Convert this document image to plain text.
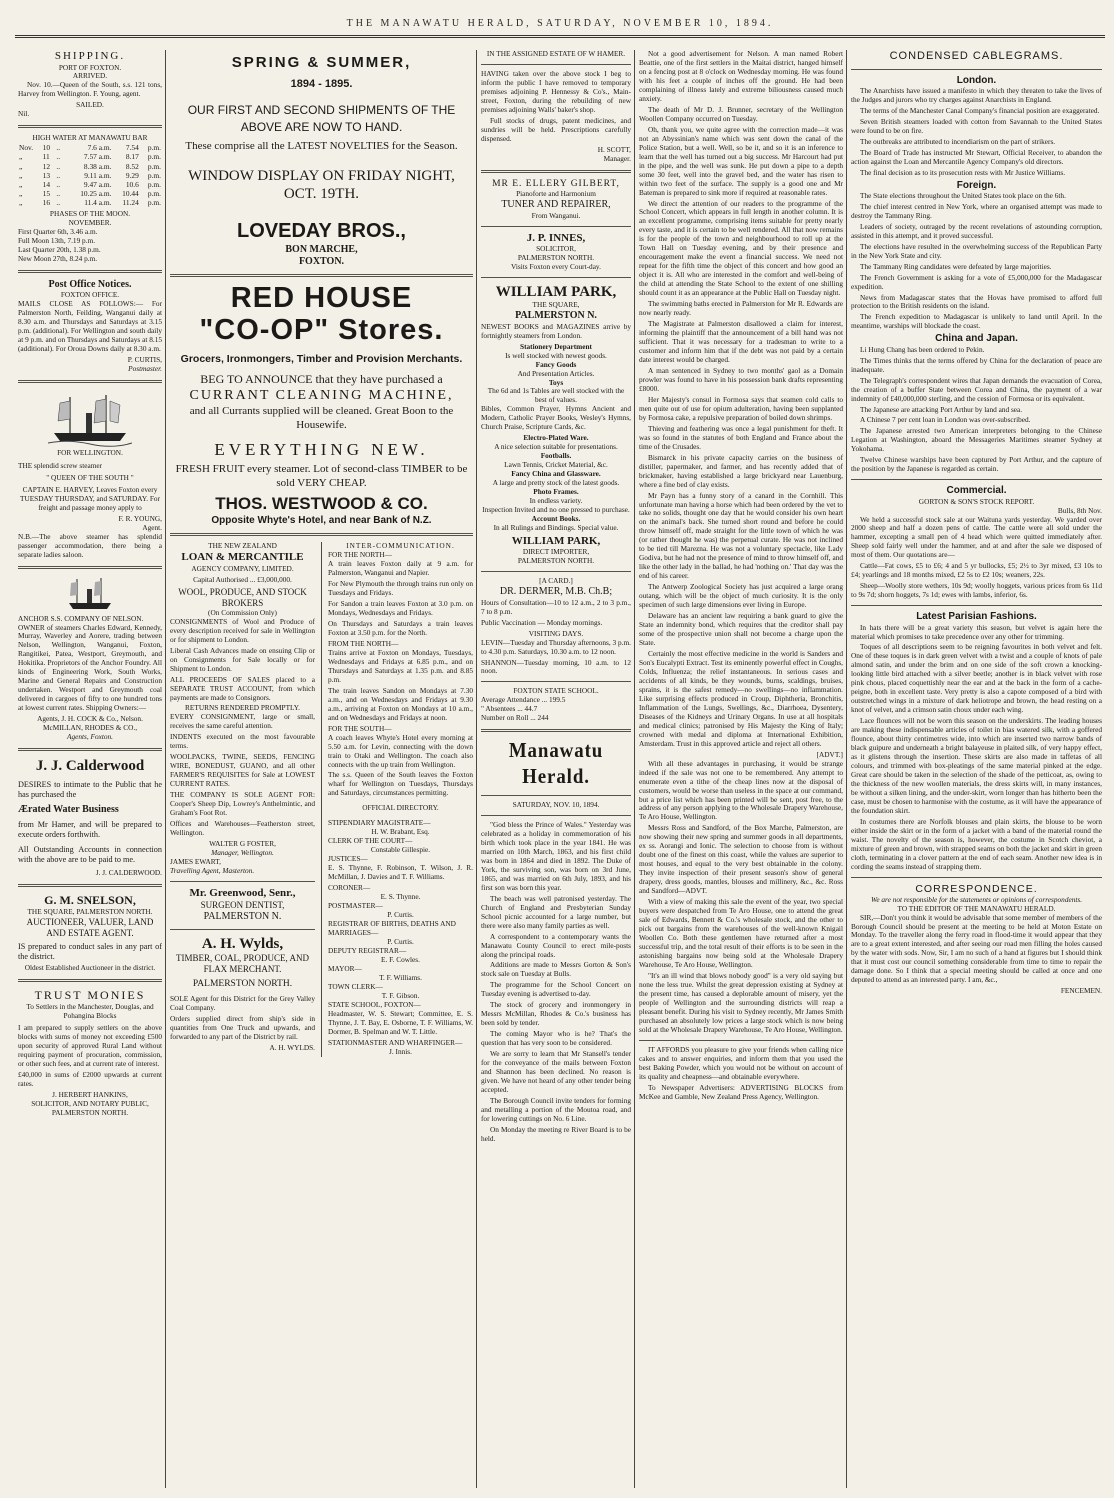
THE MANAWATU HERALD, SATURDAY, NOVEMBER 10, 1894.
SHIPPING.
PORT OF FOXTON.
ARRIVED.

Nov. 10.—Queen of the South, s.s. 121 tons, Harvey from Wellington. F. Young, agent.

SAILED.
Nil.
HIGH WATER AT MANAWATU BAR
Nov.	10	..	7.6 a.m.	7.54	p.m.
„	11	..	7.57 a.m.	8.17	p.m.
„	12	..	8.38 a.m.	8.52	p.m.
„	13	..	9.11 a.m.	9.29	p.m.
„	14	..	9.47 a.m.	10.6	p.m.
„	15	..	10.25 a.m.	10.44	p.m.
„	16	..	11.4 a.m.	11.24	p.m.
PHASES OF THE MOON.
NOVEMBER.
First Quarter 6th, 3.46 a.m.
Full Moon 13th, 7.19 p.m.
Last Quarter 20th, 1.38 p.m.
New Moon 27th, 8.24 p.m.
Post Office Notices.
FOXTON OFFICE.

MAILS CLOSE AS FOLLOWS:— For Palmerston North, Feilding, Wanganui daily at 8.30 a.m. and Thursdays and Saturdays at 3.15 p.m. (additional). For Wellington and south daily at 9 p.m. and on Thursdays and Saturdays at 8.15 (additional). For Oroua Downs daily at 8.30 a.m.

P. CURTIS,
Postmaster.
FOR WELLINGTON.
THE splendid screw steamer
" QUEEN OF THE SOUTH "

CAPTAIN E. HARVEY, Leaves Foxton every TUESDAY THURSDAY, and SATURDAY. For freight and passage money apply to

F. R. YOUNG,
Agent.

N.B.—The above steamer has splendid passenger accommodation, there being a separate ladies saloon.

ANCHOR S.S. COMPANY OF NELSON.

OWNER of steamers Charles Edward, Kennedy, Murray, Waverley and Aorere, trading between Nelson, Wellington, Wanganui, Foxton, Rangitikei, Patea, Westport, Greymouth, and Hokitika. Proprietors of the Anchor Foundry. All kinds of Engineering Work, South Works, Marine and General Repairs and Construction undertaken. Westport and Greymouth coal delivered in cargoes of fifty to one hundred tons at lowest current rates. Shipping Owners:—

Agents, J. H. COCK & Co., Nelson.
McMILLAN, RHODES & CO.,
Agents, Foxton.
J. J. Calderwood

DESIRES to intimate to the Public that he has purchased the

Ærated Water Business

from Mr Hamer, and will be prepared to execute orders forthwith.

All Outstanding Accounts in connection with the above are to be paid to me.

J. J. CALDERWOOD.
G. M. SNELSON,
THE SQUARE, PALMERSTON NORTH.
AUCTIONEER, VALUER, LAND AND ESTATE AGENT.

IS prepared to conduct sales in any part of the district.

Oldest Established Auctioneer in the district.
TRUST MONIES
To Settlers in the Manchester, Douglas, and Pohangina Blocks

I am prepared to supply settlers on the above blocks with sums of money not exceeding £500 upon security of approved Rural Land without requiring payment of procuration, commission, or other such fees, and at current rate of interest.

£40,000 in sums of £2000 upwards at current rates.

J. HERBERT HANKINS,
SOLICITOR, AND NOTARY PUBLIC,
PALMERSTON NORTH.
SPRING & SUMMER,
1894 - 1895.
OUR FIRST AND SECOND SHIPMENTS OF THE ABOVE ARE NOW TO HAND.
These comprise all the LATEST NOVELTIES for the Season.
WINDOW DISPLAY ON FRIDAY NIGHT, OCT. 19TH.
LOVEDAY BROS.,
BON MARCHE,
FOXTON.
RED HOUSE
"CO-OP" Stores.
Grocers, Ironmongers, Timber and Provision Merchants.
BEG TO ANNOUNCE that they have purchased a
CURRANT CLEANING MACHINE,
and all Currants supplied will be cleaned. Great Boon to the Housewife.
EVERYTHING NEW.
FRESH FRUIT every steamer. Lot of second-class TIMBER to be sold VERY CHEAP.
THOS. WESTWOOD & CO.
Opposite Whyte's Hotel, and near Bank of N.Z.
THE NEW ZEALAND
LOAN & MERCANTILE
AGENCY COMPANY, LIMITED.
Capital Authorised ... £3,000,000.
WOOL, PRODUCE, AND STOCK BROKERS
(On Commission Only)

CONSIGNMENTS of Wool and Produce of every description received for sale in Wellington or for shipment to London.

Liberal Cash Advances made on ensuing Clip or on Consignments for Sale locally or for Shipment to London.

ALL PROCEEDS OF SALES placed to a SEPARATE TRUST ACCOUNT, from which payments are made to Consignors.

RETURNS RENDERED PROMPTLY.

EVERY CONSIGNMENT, large or small, receives the same careful attention.

INDENTS executed on the most favourable terms.

WOOLPACKS, TWINE, SEEDS, FENCING WIRE, BONEDUST, GUANO, and all other FARMER'S REQUISITES for Sale at LOWEST CURRENT RATES.

THE COMPANY IS SOLE AGENT FOR: Cooper's Sheep Dip, Lowrey's Anthelmintic, and Graham's Foot Rot.

Offices and Warehouses—Featherston street, Wellington.

WALTER G FOSTER,
Manager, Wellington.
JAMES EWART,
Travelling Agent, Masterton.
Mr. Greenwood, Senr.,
SURGEON DENTIST,
PALMERSTON N.
A. H. Wylds,
TIMBER, COAL, PRODUCE, AND FLAX MERCHANT.
PALMERSTON NORTH.

SOLE Agent for this District for the Grey Valley Coal Company.

Orders supplied direct from ship's side in quantities from One Truck and upwards, and forwarded to any part of the District by rail.

A. H. WYLDS.
INTER-COMMUNICATION.
FOR THE NORTH—

A train leaves Foxton daily at 9 a.m. for Palmerston, Wanganui and Napier.

For New Plymouth the through trains run only on Tuesdays and Fridays.

For Sandon a train leaves Foxton at 3.0 p.m. on Mondays, Wednesdays and Fridays.

On Thursdays and Saturdays a train leaves Foxton at 3.50 p.m. for the North.

FROM THE NORTH—

Trains arrive at Foxton on Mondays, Tuesdays, Wednesdays and Fridays at 6.85 p.m., and on Thursdays and Saturdays at 1.35 p.m. and 8.85 p.m.

The train leaves Sandon on Mondays at 7.30 a.m., and on Wednesdays and Fridays at 9.30 a.m., arriving at Foxton on Mondays at 10 a.m., and on Wednesdays and Fridays at noon.

FOR THE SOUTH—

A coach leaves Whyte's Hotel every morning at 5.50 a.m. for Levin, connecting with the down train to Otaki and Wellington. The coach also connects with the up train from Wellington.

The s.s. Queen of the South leaves the Foxton wharf for Wellington on Tuesdays, Thursdays and Saturdays, circumstances permitting.

OFFICIAL DIRECTORY.
STIPENDIARY MAGISTRATE—
H. W. Brabant, Esq.
CLERK OF THE COURT—
Constable Gillespie.
JUSTICES—

E. S. Thynne, F. Robinson, T. Wilson, J. R. McMillan, J. Davies and T. F. Williams.

CORONER—
E. S. Thynne.
POSTMASTER—
P. Curtis.
REGISTRAR OF BIRTHS, DEATHS AND MARRIAGES—
P. Curtis.
DEPUTY REGISTRAR—
E. F. Cowles.
MAYOR—
T. F. Williams.
TOWN CLERK—
T. F. Gibson.
STATE SCHOOL, FOXTON—

Headmaster, W. S. Stewart; Committee, E. S. Thynne, J. T. Bay, E. Osborne, T. F. Williams, W. Dormer, B. Spelman and W. T. Little.

STATIONMASTER AND WHARFINGER—
J. Innis.
IN THE ASSIGNED ESTATE OF W HAMER.

HAVING taken over the above stock I beg to inform the public I have removed to temporary premises adjoining P. Hennessy & Co's., Main-street, Foxton, during the rebuilding of new premises adjoining Walls' baker's shop.

Full stocks of drugs, patent medicines, and sundries will be held. Prescriptions carefully dispensed.

H. SCOTT,
Manager.
MR E. ELLERY GILBERT,
Pianoforte and Harmonium
TUNER AND REPAIRER,
From Wanganui.
J. P. INNES,
SOLICITOR,
PALMERSTON NORTH.
Visits Foxton every Court-day.
WILLIAM PARK,
THE SQUARE,
PALMERSTON N.

NEWEST BOOKS and MAGAZINES arrive by fortnightly steamers from London.

Stationery Department
Is well stocked with newest goods.
Fancy Goods
And Presentation Articles.
Toys
The 6d and 1s Tables are well stocked with the best of values.

Bibles, Common Prayer, Hymns Ancient and Modern, Catholic Prayer Books, Wesley's Hymns, Church Praise, Scripture Cards, &c.

Electro-Plated Ware.
A nice selection suitable for presentations.
Footballs.
Lawn Tennis, Cricket Material, &c.
Fancy China and Glassware.
A large and pretty stock of the latest goods.
Photo Frames.
In endless variety.
Inspection Invited and no one pressed to purchase.
Account Books.
In all Rulings and Bindings. Special value.
WILLIAM PARK,
DIRECT IMPORTER,
PALMERSTON NORTH.
[A CARD.]
DR. DERMER, M.B. Ch.B;

Hours of Consultation—10 to 12 a.m., 2 to 3 p.m., 7 to 8 p.m.

Public Vaccination — Monday mornings.

VISITING DAYS.

LEVIN—Tuesday and Thursday afternoons, 3 p.m. to 4.30 p.m. Saturdays, 10.30 a.m. to 12 noon.

SHANNON—Tuesday morning, 10 a.m. to 12 noon.

FOXTON STATE SCHOOL.
Average Attendance ... 199.5
" Absentees ... 44.7
Number on Roll ... 244
Manawatu Herald.
SATURDAY, NOV. 10, 1894.

"God bless the Prince of Wales." Yesterday was celebrated as a holiday in commemoration of his birth which took place in the year 1841. He was married on 10th March, 1863, and his first child was born in 1864 and died in 1892. The Duke of York, the surviving son, was born on 3rd June, 1865, and was married on 6th July, 1893, and his first son was born this year.

The beach was well patronised yesterday. The Church of England and Presbyterian Sunday School picnic accounted for a large number, but there were also many family parties as well.

A correspondent to a contemporary wants the Manawatu County Council to erect mile-posts along the principal roads.

Additions are made to Messrs Gorton & Son's stock sale on Tuesday at Bulls.

The programme for the School Concert on Tuesday evening is advertised to-day.

The stock of grocery and ironmongery in Messrs McMillan, Rhodes & Co.'s business has been sold by tender.

The coming Mayor who is he? That's the question that has very soon to be considered.

We are sorry to learn that Mr Stansell's tender for the conveyance of the mails between Foxton and Shannon has been declined. No reason is given. We have not heard of any other tender being accepted.

The Borough Council invite tenders for forming and metalling a portion of the Moutoa road, and for lowering cuttings on No. 6 Line.

On Monday the meeting re River Board is to be held.

Not a good advertisement for Nelson. A man named Robert Beattie, one of the first settlers in the Maitai district, hanged himself on a fencing post at 8 o'clock on Wednesday morning. He was found with his feet a couple of inches off the ground. He had been complaining of illness lately and extreme biliousness caused much anxiety.

The death of Mr D. J. Brunner, secretary of the Wellington Woollen Company occurred on Tuesday.

Oh, thank you, we quite agree with the correction made—it was not an Abyssinian's name which was sent down the canal of the Police Station, but a well. Well, so be it, and so it is an inference to learn that the well has turned out a big success. Mr Harcourt had put in the pipe, and the well was sunk. He put down a pipe to a depth some 30 feet, well into the gravel bed, and the water has risen to within two feet of the surface. The supply is a good one and Mr Bateman is prepared to sink more if required at reasonable rates.

We direct the attention of our readers to the programme of the School Concert, which appears in full length in another column. It is an excellent programme, comprising items suitable for pretty nearly every taste, and it is certain to be well rendered. All that now remains is for the people of the town and neighbourhood to roll up at the Town Hall on Tuesday evening, and by their presence and encouragement make the event a financial success. We need not repeat for the fifth time the object of this concert and how good an object it is. All who are interested in the comfort and well-being of the child at attending the State School to the extent of one shilling should count it as an appearance at the Public Hall on Tuesday night.

The swimming baths erected in Palmerston for Mr R. Edwards are now nearly ready.

The Magistrate at Palmerston disallowed a claim for interest, informing the plaintiff that the announcement of a bill hand was not sufficient. That it was necessary for a tradesman to write to a customer and inform him that if the debt was not paid by a certain date interest would be charged.

A man sentenced in Sydney to two months' gaol as a Domain prowler was found to have in his possession bank drafts representing £8000.

Her Majesty's consul in Formosa says that seamen cold calls to men quite out of use for opium adulteration, having been supplanted by Formosa cake, a repulsive preparation of boiled down shrimps.

Thieving and feathering was once a legal punishment for theft. It was so found in the statutes of both England and France about the time of the Crusades.

Bismarck in his private capacity carries on the business of distiller, papermaker, and farmer, and has recently added that of brickmaker, having established a large brickyard near Lauenburg, where a fine bed of clay exists.

Mr Payn has a funny story of a canard in the Cornhill. This unfortunate man having a horse which had been ordered by the vet to take no solids, thought one day that he would consider his own heart on the animal's back. She turned short round and before he could throw himself off, made straight for the little town of which he was (or rather thought he was) the perpetual curate. He was not inclined to be tied till Marezna. He was not a voluntary spectacle, like Lady Godiva, but he had not the presence of mind to throw himself off, and like the other lady in the ballad, he had 'nothing on.' That day was the end of his career.

The Antwerp Zoological Society has just acquired a large orang outang, which will be the object of much curiosity. It is the only specimen of such large dimensions ever living in Europe.

Delaware has an ancient law requiring a bank guard to give the State an indemnity bond, which requires that the creditor shall pay some of the prospective union shall not become a charge upon the State.

Certainly the most effective medicine in the world is Sanders and Son's Eucalypti Extract. Test its eminently powerful effect in Coughs, Colds, Influenza; the relief instantaneous. In serious cases and accidents of all kinds, be they wounds, burns, scaldings, bruises, sprains, it is the safest remedy—no swellings—no inflammation. Like surprising effects produced in Croup, Diphtheria, Bronchitis, Inflammation of the Lungs, Swellings, &c., Diarrhoea, Dysentery, Diseases of the Kidneys and Urinary Organs. In use at all hospitals and medical clinics; patronised by His Majesty the King of Italy; crowned with medal and diploma at International Exhibition, Amsterdam. Trust in this approved article and reject all others.

[ADVT.]

With all these advantages in purchasing, it would be strange indeed if the sale was not one to be remembered. Any attempt to enumerate even a tithe of the cheap lines now at the disposal of customers, would be worse than useless in the space at our command, but a price list which has been printed will be sent, post free, to the address of any person applying to the Wholesale Drapery Warehouse, Te Aro House, Wellington.

Messrs Ross and Sandford, of the Box Marche, Palmerston, are now showing their new spring and summer goods in all departments, ex ss. Aorangi and Ionic. The selection to choose from is without doubt one of the finest on this coast, while the values are superior to most houses, and equal to the very best obtainable in the colony. They invite inspection of their present season's show of general drapery, dress goods, mantles, blouses and millinery, &c., &c. Ross and Sandford—ADVT.

With a view of making this sale the event of the year, two special buyers were despatched from Te Aro House, one to attend the great sale of Edwards, Bennett & Co.'s wholesale stock, and the other to pick out bargains from the warehouses of the well-known Knigail Woollen Co. Both these gentlemen have returned after a most successful trip, and the total result of their efforts is to be seen in the astonishing bargains now being sold at the Wholesale Drapery Warehouse, Te Aro House, Wellington.

"It's an ill wind that blows nobody good" is a very old saying but none the less true. Whilst the great depression existing at Sydney at the present time, has caused a deplorable amount of misery, yet the people of Wellington and the surrounding districts will reap a pleasant benefit. During his visit to Sydney recently, Mr James Smith purchased an absolutely low prices a large stock which is now being sold at the Wholesale Drapery Warehouse, Te Aro House, Wellington.

IT AFFORDS you pleasure to give your friends when calling nice cakes and to answer enquiries, and inform them that you used the best Baking Powder, which you would not be without on account of its quality and cheapness—and obtainable everywhere.

To Newspaper Advertisers: ADVERTISING BLOCKS from McKee and Gamble, New Zealand Press Agency, Wellington.

CONDENSED CABLEGRAMS.
London.

The Anarchists have issued a manifesto in which they threaten to take the lives of the Judges and jurors who try charges against Anarchists in England.

The terms of the Manchester Canal Company's financial position are exaggerated.

Seven British steamers loaded with cotton from Savannah to the United States were found to be on fire.

The outbreaks are attributed to incendiarism on the part of strikers.

The Board of Trade has instructed Mr Stewart, Official Receiver, to abandon the action against the Loan and Mercantile Agency Company's old directors.

The final decision as to its prosecution rests with Mr Justice Williams.

Foreign.

The State elections throughout the United States took place on the 6th.

The chief interest centred in New York, where an organised attempt was made to destroy the Tammany Ring.

Leaders of society, outraged by the recent revelations of astounding corruption, assisted in this attempt, and it proved successful.

The elections have resulted in the overwhelming success of the Republican Party in the New York State and city.

The Tammany Ring candidates were defeated by large majorities.

The French Government is asking for a vote of £5,000,000 for the Madagascar expedition.

News from Madagascar states that the Hovas have promised to afford full protection to the British residents on the island.

The French expedition to Madagascar is unlikely to land until April. In the meantime, warships will blockade the coast.

China and Japan.

Li Hung Chang has been ordered to Pekin.

The Times thinks that the terms offered by China for the declaration of peace are inadequate.

The Telegraph's correspondent wires that Japan demands the evacuation of Corea, the creation of a buffer State between Corea and China, the payment of a war indemnity of £40,000,000 sterling, and the cession of Formosa or its equivalent.

The Japanese are attacking Port Arthur by land and sea.

A Chinese 7 per cent loan in London was over-subscribed.

The Japanese arrested two American interpreters belonging to the Chinese Legation at Washington, aboard the Messageries Maritimes steamer Sydney at Yokohama.

Twelve Chinese warships have been captured by Port Arthur, and the capture of the position by the Japanese is regarded as certain.

Commercial.
GORTON & SON'S STOCK REPORT.
Bulls, 8th Nov.

We held a successful stock sale at our Waituna yards yesterday. We yarded over 2000 sheep and half a dozen pens of cattle. The cattle were all sold under the hammer, excepting a small pen of 4 head which were quitted immediately after. Sheep sold fairly well under the hammer, and at and after the sale we disposed of most of them. Our quotations are—

Cattle—Fat cows, £5 to £6; 4 and 5 yr bullocks, £5; 2½ to 3yr mixed, £3 10s to £4; yearlings and 18 months mixed, £2 5s to £2 10s; weaners, 22s.

Sheep—Woolly store wethers, 10s 9d; woolly hoggets, various prices from 6s 11d to 9s 7d; shorn hoggets, 7s 1d; ewes with lambs, inferior, 6s.

Latest Parisian Fashions.

In hats there will be a great variety this season, but velvet is again here the material which promises to take precedence over any other for trimming.

Toques of all descriptions seem to be reigning favourites in both velvet and felt. One of these toques is in dark green velvet with a twist and a couple of knots of pale almond satin, and under the brim and on one side of the soft crown a knocking-looking little bird attached with a silver beetle; another is in black velvet with rose pink chous, placed coquettishly near the ear and at the back in the form of a cache-peigne, both in excellent taste. Very pretty is also a capote composed of a bird with outstretched wings in a mixture of dark heliotrope and brown, the head resting on a knot of velvet, and a crimson satin choux under each wing.

Lace flounces will not be worn this season on the underskirts. The leading houses are making these indispensable articles of toilet in bias watered silk, with a goffered flounce, about thirty centimetres wide, into which are inserted two narrow bands of black guipure and underneath a bright balayeuse in plaited silk, of very happy effect, as it glistens through the insertion. These skirts are also made in taffetas of all colours, and trimmed with box-pleatings of the same material pinked at the edge. Great care should be taken in the selection of the shade of the petticoat, as, owing to the thickness of the new woollen materials, the dress skirts will, in many instances, be without a silken lining, and the under-skirt, worn longer than has hitherto been the case, must be chosen to harmonise with the costume, as it will have the appearance of the foundation skirt.

In costumes there are Norfolk blouses and plain skirts, the blouse to be worn either inside the skirt or in the form of a jacket with a band of the material round the waist. The novelty of the season is, however, the costume in Scotch cheviot, a mixture of green and brown, with strapped seams on both the jacket and skirt in green cloth, terminating in a clover pattern at the end of each seam. Another new idea is in cording the seams instead of strapping them.

CORRESPONDENCE.
We are not responsible for the statements or opinions of correspondents.
TO THE EDITOR OF THE MANAWATU HERALD.

SIR,—Don't you think it would be advisable that some member of members of the Borough Council should be present at the meeting to be held at Moton Estate on Monday. To the traveller along the ferry road in flood-time it would appear that they are to a great extent interested, and after seeing our road men filling the holes caused by the water with sods. Now, Sir, I am no such of a hand at figures but I should think that it must cost our council something considerable from time to time to repair the damage done. So I think that a special meeting should be called at once and one deputed to attend as an interested party. I am, &c.,

FENCEMEN.
